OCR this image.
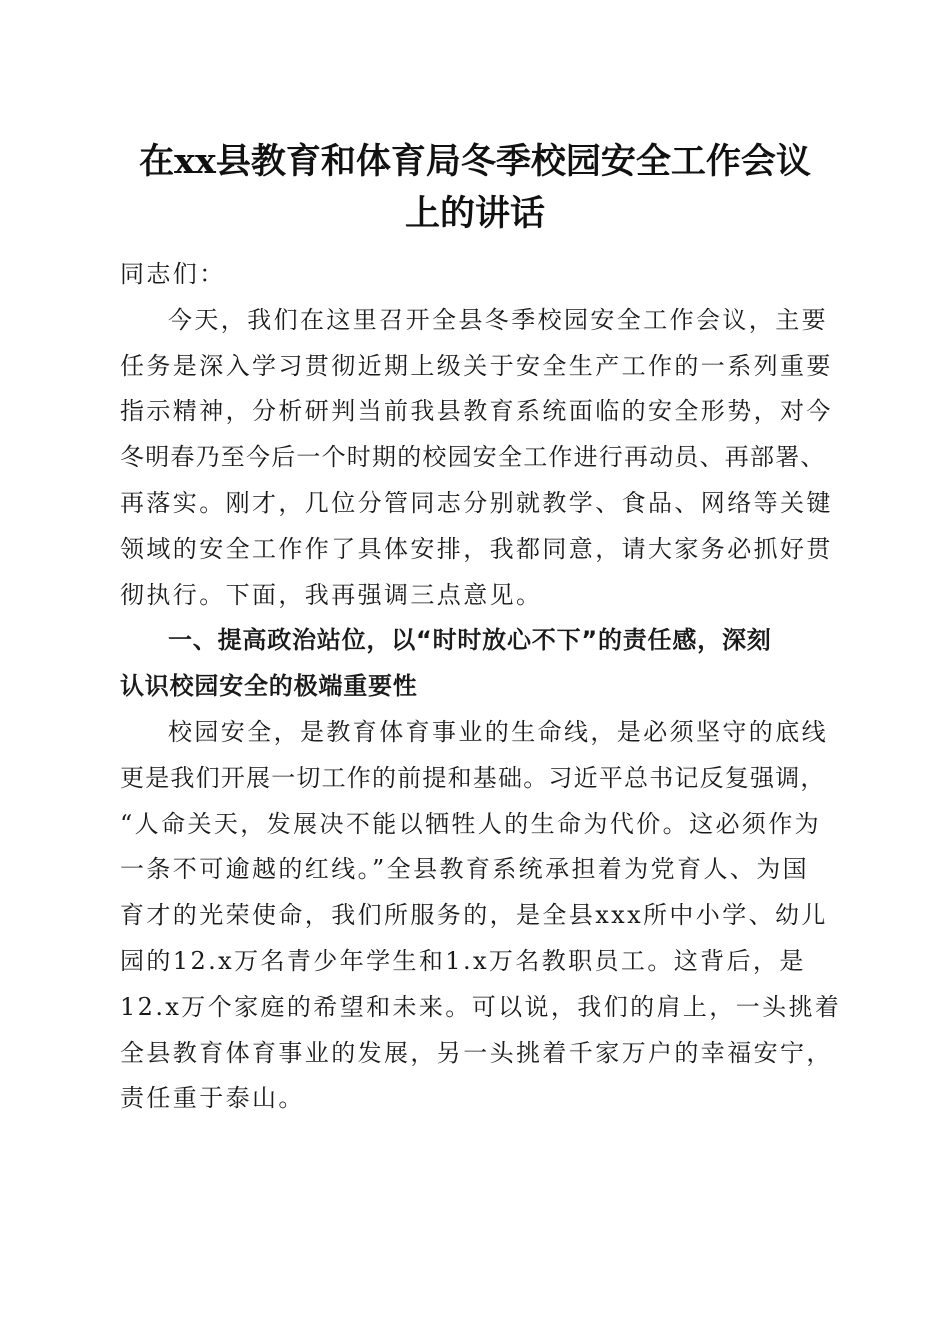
在xx县教育和体育局冬季校园安全工作会议
上的讲话
同志们：
今天，我们在这里召开全县冬季校园安全工作会议，主要
任务是深入学习贯彻近期上级关于安全生产工作的一系列重要
指示精神，分析研判当前我县教育系统面临的安全形势，对今
冬明春乃至今后一个时期的校园安全工作进行再动员、再部署、
再落实。刚才，几位分管同志分别就教学、食品、网络等关键
领域的安全工作作了具体安排，我都同意，请大家务必抓好贯
彻执行。下面，我再强调三点意见。
一、提高政治站位，以“时时放心不下”的责任感，深刻
认识校园安全的极端重要性
校园安全，是教育体育事业的生命线，是必须坚守的底线
更是我们开展一切工作的前提和基础。习近平总书记反复强调，
“人命关天，发展决不能以牺牲人的生命为代价。这必须作为
一条不可逾越的红线。”全县教育系统承担着为党育人、为国
育才的光荣使命，我们所服务的，是全县xxx所中小学、幼儿
园的12.x万名青少年学生和1.x万名教职员工。这背后，是
12.x万个家庭的希望和未来。可以说，我们的肩上，一头挑着
全县教育体育事业的发展，另一头挑着千家万户的幸福安宁，
责任重于泰山。
